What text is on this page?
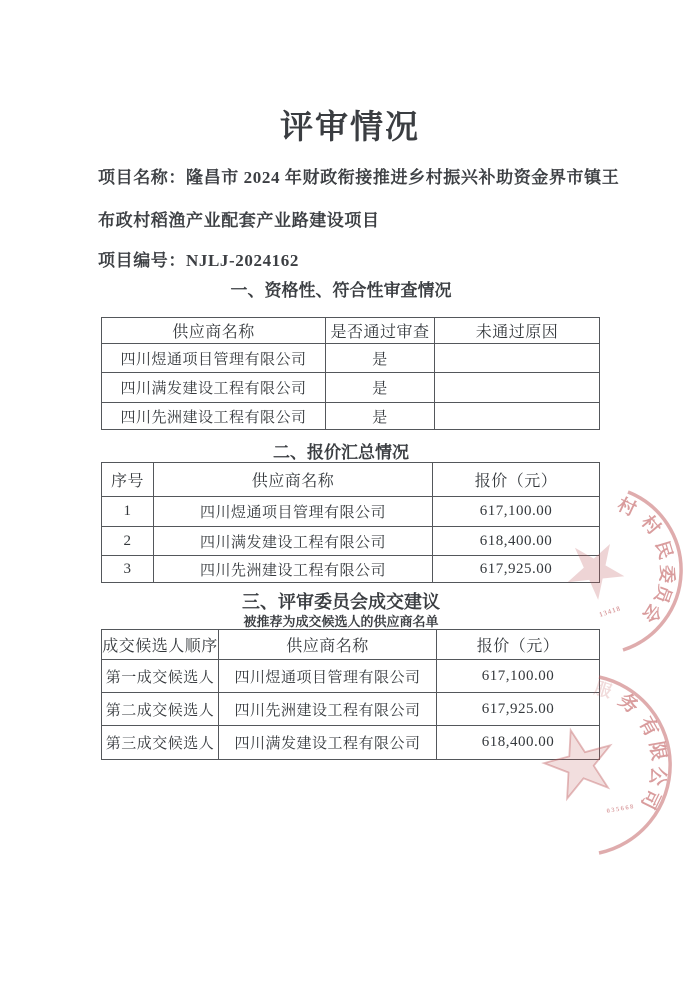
评审情况
项目名称：隆昌市 2024 年财政衔接推进乡村振兴补助资金界市镇王
布政村稻渔产业配套产业路建设项目
项目编号：NJLJ-2024162
一、资格性、符合性审查情况
供应商名称	是否通过审查	未通过原因
四川煜通项目管理有限公司	是
四川满发建设工程有限公司	是
四川先洲建设工程有限公司	是
二、报价汇总情况
序号	供应商名称	报价（元）
1	四川煜通项目管理有限公司	617,100.00
2	四川满发建设工程有限公司	618,400.00
3	四川先洲建设工程有限公司	617,925.00
三、评审委员会成交建议
被推荐为成交候选人的供应商名单
成交候选人顺序	供应商名称	报价（元）
第一成交候选人	四川煜通项目管理有限公司	617,100.00
第二成交候选人	四川先洲建设工程有限公司	617,925.00
第三成交候选人	四川满发建设工程有限公司	618,400.00
村
村
民
委
员
会
13418
服 务
有
限
公
司
035668
